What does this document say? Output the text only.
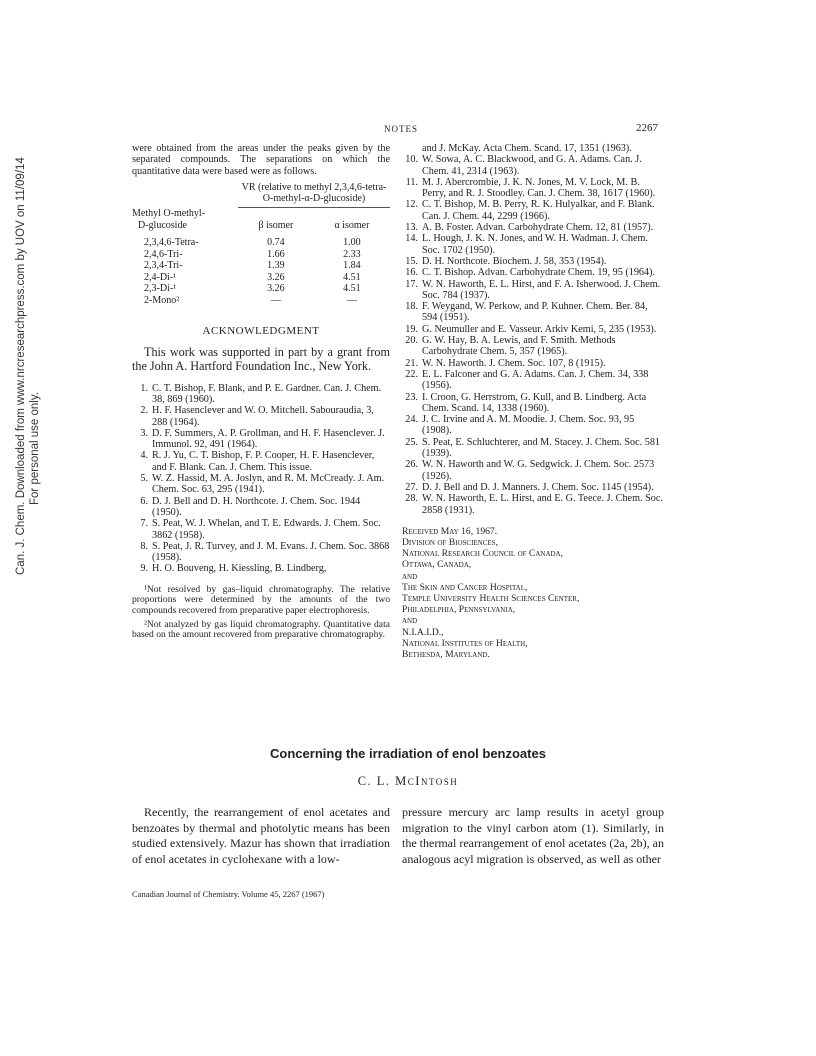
Can. J. Chem. Downloaded from www.nrcresearchpress.com by UOV on 11/09/14 For personal use only.
NOTES	2267

were obtained from the areas under the peaks given by the separated compounds. The separations on which the quantitative data were based were as follows.

	VR (relative to methyl 2,3,4,6-tetra-O-methyl-α-D-glucoside)	

Methyl O-methyl-
D-glucoside	β isomer	α isomer

2,3,4,6-Tetra-	0.74	1.00
2,4,6-Tri-	1.66	2.33
2,3,4-Tri-	1.39	1.84
2,4-Di-¹	3.26	4.51
2,3-Di-¹	3.26	4.51
2-Mono²	—	—
ACKNOWLEDGMENT

This work was supported in part by a grant from the John A. Hartford Foundation Inc., New York.

1. C. T. Bishop, F. Blank, and P. E. Gardner. Can. J. Chem. 38, 869 (1960).
2. H. F. Hasenclever and W. O. Mitchell. Sabouraudia, 3, 288 (1964).
3. D. F. Summers, A. P. Grollman, and H. F. Hasenclever. J. Immunol. 92, 491 (1964).
4. R. J. Yu, C. T. Bishop, F. P. Cooper, H. F. Hasenclever, and F. Blank. Can. J. Chem. This issue.
5. W. Z. Hassid, M. A. Joslyn, and R. M. McCready. J. Am. Chem. Soc. 63, 295 (1941).
6. D. J. Bell and D. H. Northcote. J. Chem. Soc. 1944 (1950).
7. S. Peat, W. J. Whelan, and T. E. Edwards. J. Chem. Soc. 3862 (1958).
8. S. Peat, J. R. Turvey, and J. M. Evans. J. Chem. Soc. 3868 (1958).
9. H. O. Bouveng, H. Kiessling, B. Lindberg,

¹Not resolved by gas–liquid chromatography. The relative proportions were determined by the amounts of the two compounds recovered from preparative paper electrophoresis.

²Not analyzed by gas liquid chromatography. Quantitative data based on the amount recovered from preparative chromatography.

and J. McKay. Acta Chem. Scand. 17, 1351 (1963).

10. W. Sowa, A. C. Blackwood, and G. A. Adams. Can. J. Chem. 41, 2314 (1963).
11. M. J. Abercrombie, J. K. N. Jones, M. V. Lock, M. B. Perry, and R. J. Stoodley. Can. J. Chem. 38, 1617 (1960).
12. C. T. Bishop, M. B. Perry, R. K. Hulyalkar, and F. Blank. Can. J. Chem. 44, 2299 (1966).
13. A. B. Foster. Advan. Carbohydrate Chem. 12, 81 (1957).
14. L. Hough, J. K. N. Jones, and W. H. Wadman. J. Chem. Soc. 1702 (1950).
15. D. H. Northcote. Biochem. J. 58, 353 (1954).
16. C. T. Bishop. Advan. Carbohydrate Chem. 19, 95 (1964).
17. W. N. Haworth, E. L. Hirst, and F. A. Isherwood. J. Chem. Soc. 784 (1937).
18. F. Weygand, W. Perkow, and P. Kuhner. Chem. Ber. 84, 594 (1951).
19. G. Neumuller and E. Vasseur. Arkiv Kemi, 5, 235 (1953).
20. G. W. Hay, B. A. Lewis, and F. Smith. Methods Carbohydrate Chem. 5, 357 (1965).
21. W. N. Haworth. J. Chem. Soc. 107, 8 (1915).
22. E. L. Falconer and G. A. Adams. Can. J. Chem. 34, 338 (1956).
23. I. Croon, G. Herrstrom, G. Kull, and B. Lindberg. Acta Chem. Scand. 14, 1338 (1960).
24. J. C. Irvine and A. M. Moodie. J. Chem. Soc. 93, 95 (1908).
25. S. Peat, E. Schluchterer, and M. Stacey. J. Chem. Soc. 581 (1939).
26. W. N. Haworth and W. G. Sedgwick. J. Chem. Soc. 2573 (1926).
27. D. J. Bell and D. J. Manners. J. Chem. Soc. 1145 (1954).
28. W. N. Haworth, E. L. Hirst, and E. G. Teece. J. Chem. Soc. 2858 (1931).
Received May 16, 1967.
Division of Biosciences,
National Research Council of Canada,
Ottawa, Canada,
and
The Skin and Cancer Hospital,
Temple University Health Sciences Center,
Philadelphia, Pennsylvania,
and
N.I.A.I.D.,
National Institutes of Health,
Bethesda, Maryland.
Concerning the irradiation of enol benzoates
C. L. McIntosh
Recently, the rearrangement of enol acetates and benzoates by thermal and photolytic means has been studied extensively. Mazur has shown that irradiation of enol acetates in cyclohexane with a low-
pressure mercury arc lamp results in acetyl group migration to the vinyl carbon atom (1). Similarly, in the thermal rearrangement of enol acetates (2a, 2b), an analogous acyl migration is observed, as well as other
Canadian Journal of Chemistry. Volume 45, 2267 (1967)
